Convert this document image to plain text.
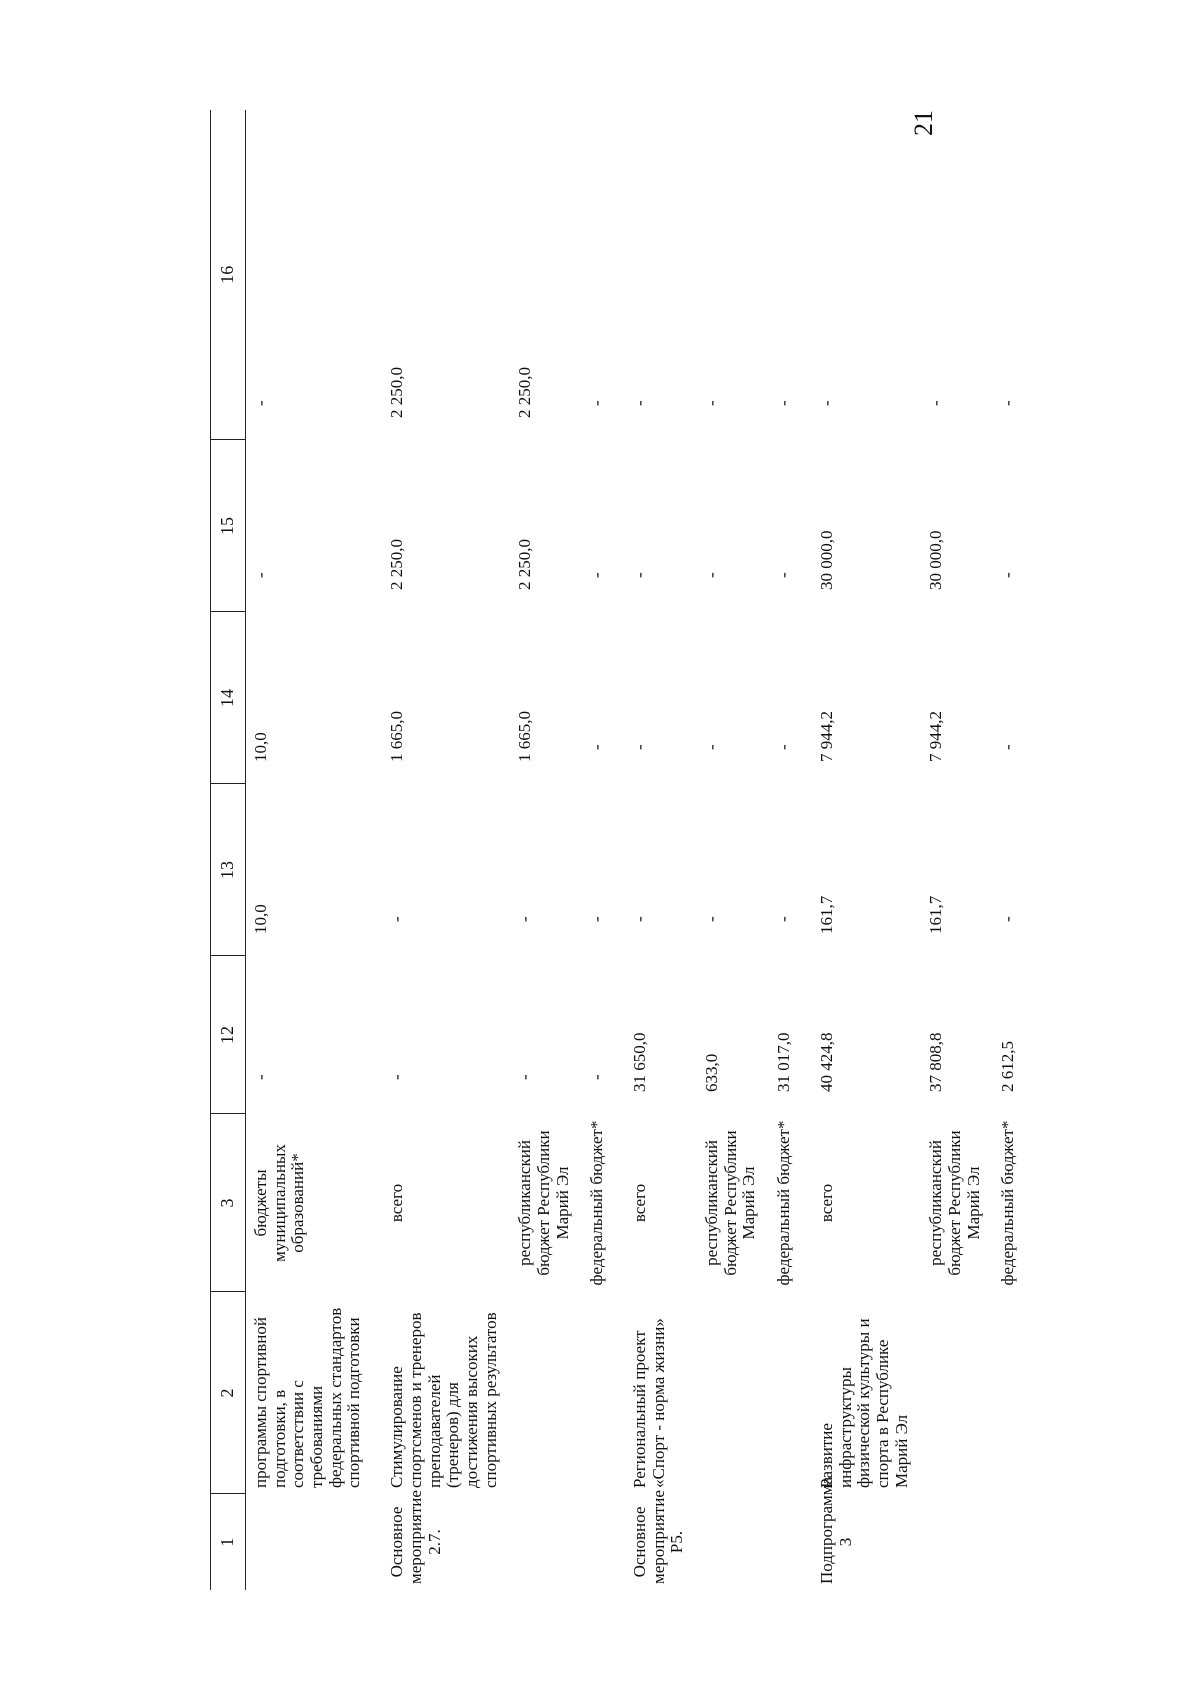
21
1	2	3	12	13	14	15	16
	программы спортивной подготовки, в соответствии с требованиями федеральных стандартов спортивной подготовки	бюджеты муниципальных образований*	-	10,0	10,0	-	-
Основное мероприятие 2.7.	Стимулирование спортсменов и тренеров преподавателей (тренеров) для достижения высоких спортивных результатов	всего	-	-	1 665,0	2 250,0	2 250,0
		республиканский бюджет Республики Марий Эл	-	-	1 665,0	2 250,0	2 250,0
		федеральный бюджет*	-	-	-	-	-
Основное мероприятие Р5.	Региональный проект «Спорт - норма жизни»	всего	31 650,0	-	-	-	-
		республиканский бюджет Республики Марий Эл	633,0	-	-	-	-
		федеральный бюджет*	31 017,0	-	-	-	-
Подпрограмма 3	Развитие инфраструктуры физической культуры и спорта в Республике Марий Эл	всего	40 424,8	161,7	7 944,2	30 000,0	-
		республиканский бюджет Республики Марий Эл	37 808,8	161,7	7 944,2	30 000,0	-
		федеральный бюджет*	2 612,5	-	-	-	-
